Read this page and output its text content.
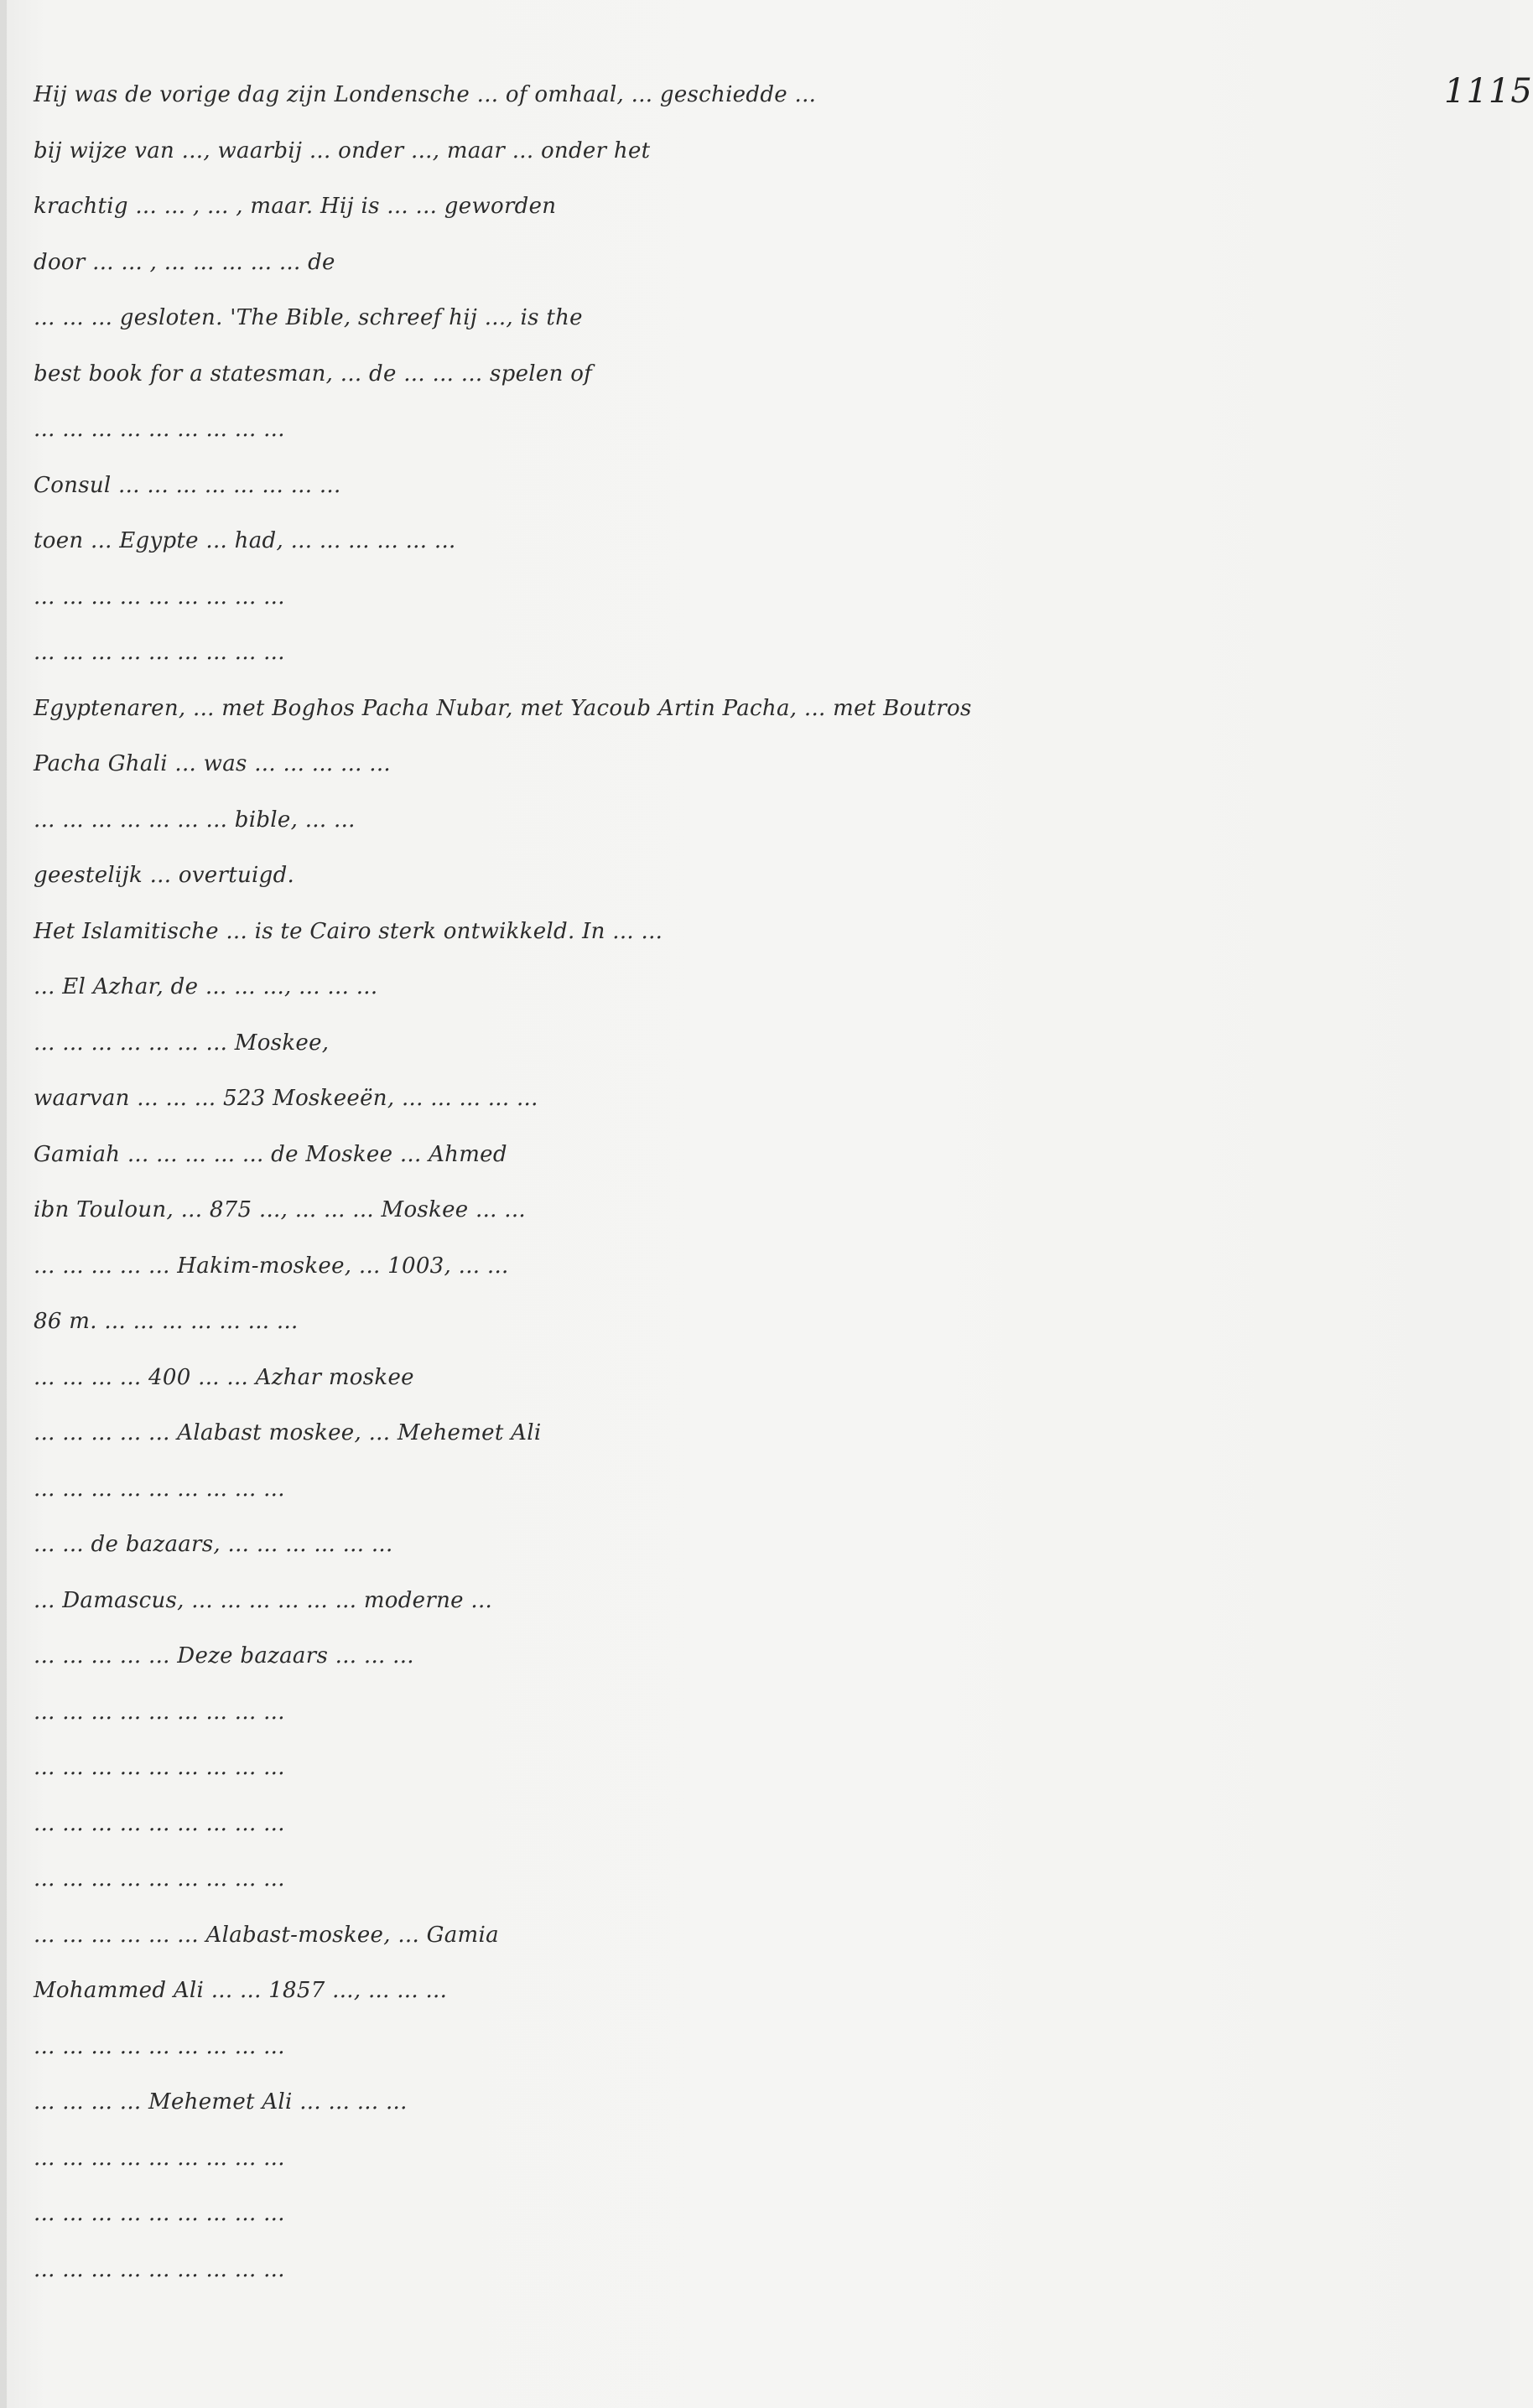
1115
Hij was de vorige dag zijn Londensche ... of omhaal, ... geschiedde ...
bij wijze van ..., waarbij ... onder ..., maar ... onder het
krachtig ... ... , ... , maar. Hij is ... ... geworden
door ... ... , ... ... ... ... ... de
... ... ... gesloten. 'The Bible, schreef hij ..., is the
best book for a statesman, ... de ... ... ... spelen of
... ... ... ... ... ... ... ... ...
Consul ... ... ... ... ... ... ... ...
toen ... Egypte ... had, ... ... ... ... ... ...
... ... ... ... ... ... ... ... ...
... ... ... ... ... ... ... ... ...
Egyptenaren, ... met Boghos Pacha Nubar, met Yacoub Artin Pacha, ... met Boutros
Pacha Ghali ... was ... ... ... ... ...
... ... ... ... ... ... ... bible, ... ...
geestelijk ... overtuigd.
Het Islamitische ... is te Cairo sterk ontwikkeld. In ... ...
... El Azhar, de ... ... ..., ... ... ...
... ... ... ... ... ... ... Moskee,
waarvan ... ... ... 523 Moskeeën, ... ... ... ... ...
Gamiah ... ... ... ... ... de Moskee ... Ahmed
ibn Touloun, ... 875 ..., ... ... ... Moskee ... ...
... ... ... ... ... Hakim-moskee, ... 1003, ... ...
86 m. ... ... ... ... ... ... ...
... ... ... ... 400 ... ... Azhar moskee
... ... ... ... ... Alabast moskee, ... Mehemet Ali
... ... ... ... ... ... ... ... ...
... ... de bazaars, ... ... ... ... ... ...
... Damascus, ... ... ... ... ... ... moderne ...
... ... ... ... ... Deze bazaars ... ... ...
... ... ... ... ... ... ... ... ...
... ... ... ... ... ... ... ... ...
... ... ... ... ... ... ... ... ...
... ... ... ... ... ... ... ... ...
... ... ... ... ... ... Alabast-moskee, ... Gamia
Mohammed Ali ... ... 1857 ..., ... ... ...
... ... ... ... ... ... ... ... ...
... ... ... ... Mehemet Ali ... ... ... ...
... ... ... ... ... ... ... ... ...
... ... ... ... ... ... ... ... ...
... ... ... ... ... ... ... ... ...
